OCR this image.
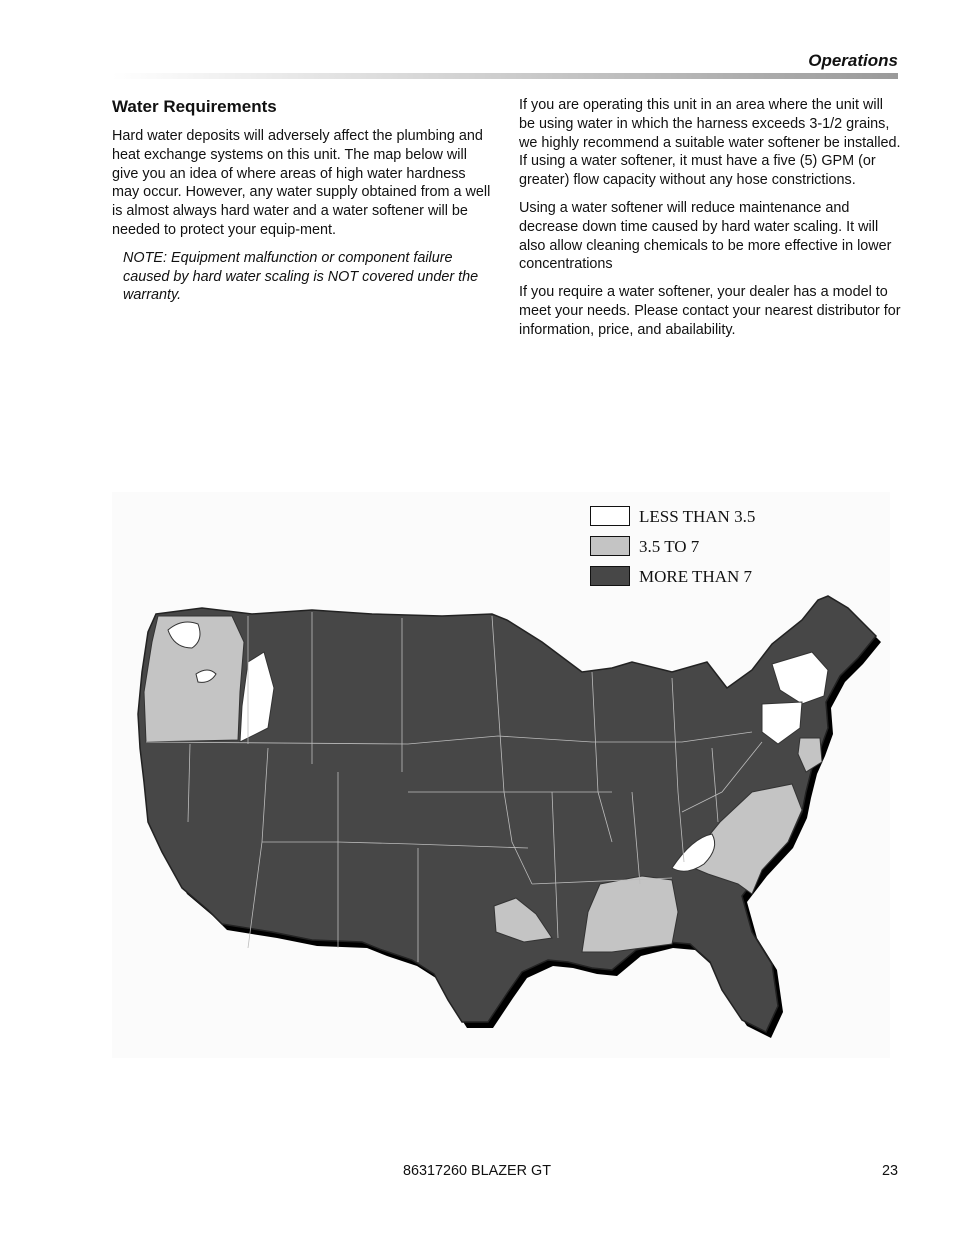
Operations
Water Requirements

Hard water deposits will adversely affect the plumbing and heat exchange systems on this unit. The map below will give you an idea of where areas of high water hardness may occur. However, any water supply obtained from a well is almost always hard water and a water softener will be needed to protect your equip-ment.

NOTE: Equipment malfunction or component failure caused by hard water scaling is NOT covered under the warranty.

If you are operating this unit in an area where the unit will be using water in which the harness exceeds 3-1/2 grains, we highly recommend a suitable water softener be installed. If using a water softener, it must have a five (5) GPM (or greater) flow capacity without any hose constrictions.

Using a water softener will reduce maintenance and decrease down time caused by hard water scaling. It will also allow cleaning chemicals to be more effective in lower concentrations

If you require a water softener, your dealer has a model to meet your needs. Please contact your nearest distributor for information, price, and abailability.

LESS THAN 3.5
3.5 TO 7
MORE THAN 7
86317260 BLAZER GT	23
